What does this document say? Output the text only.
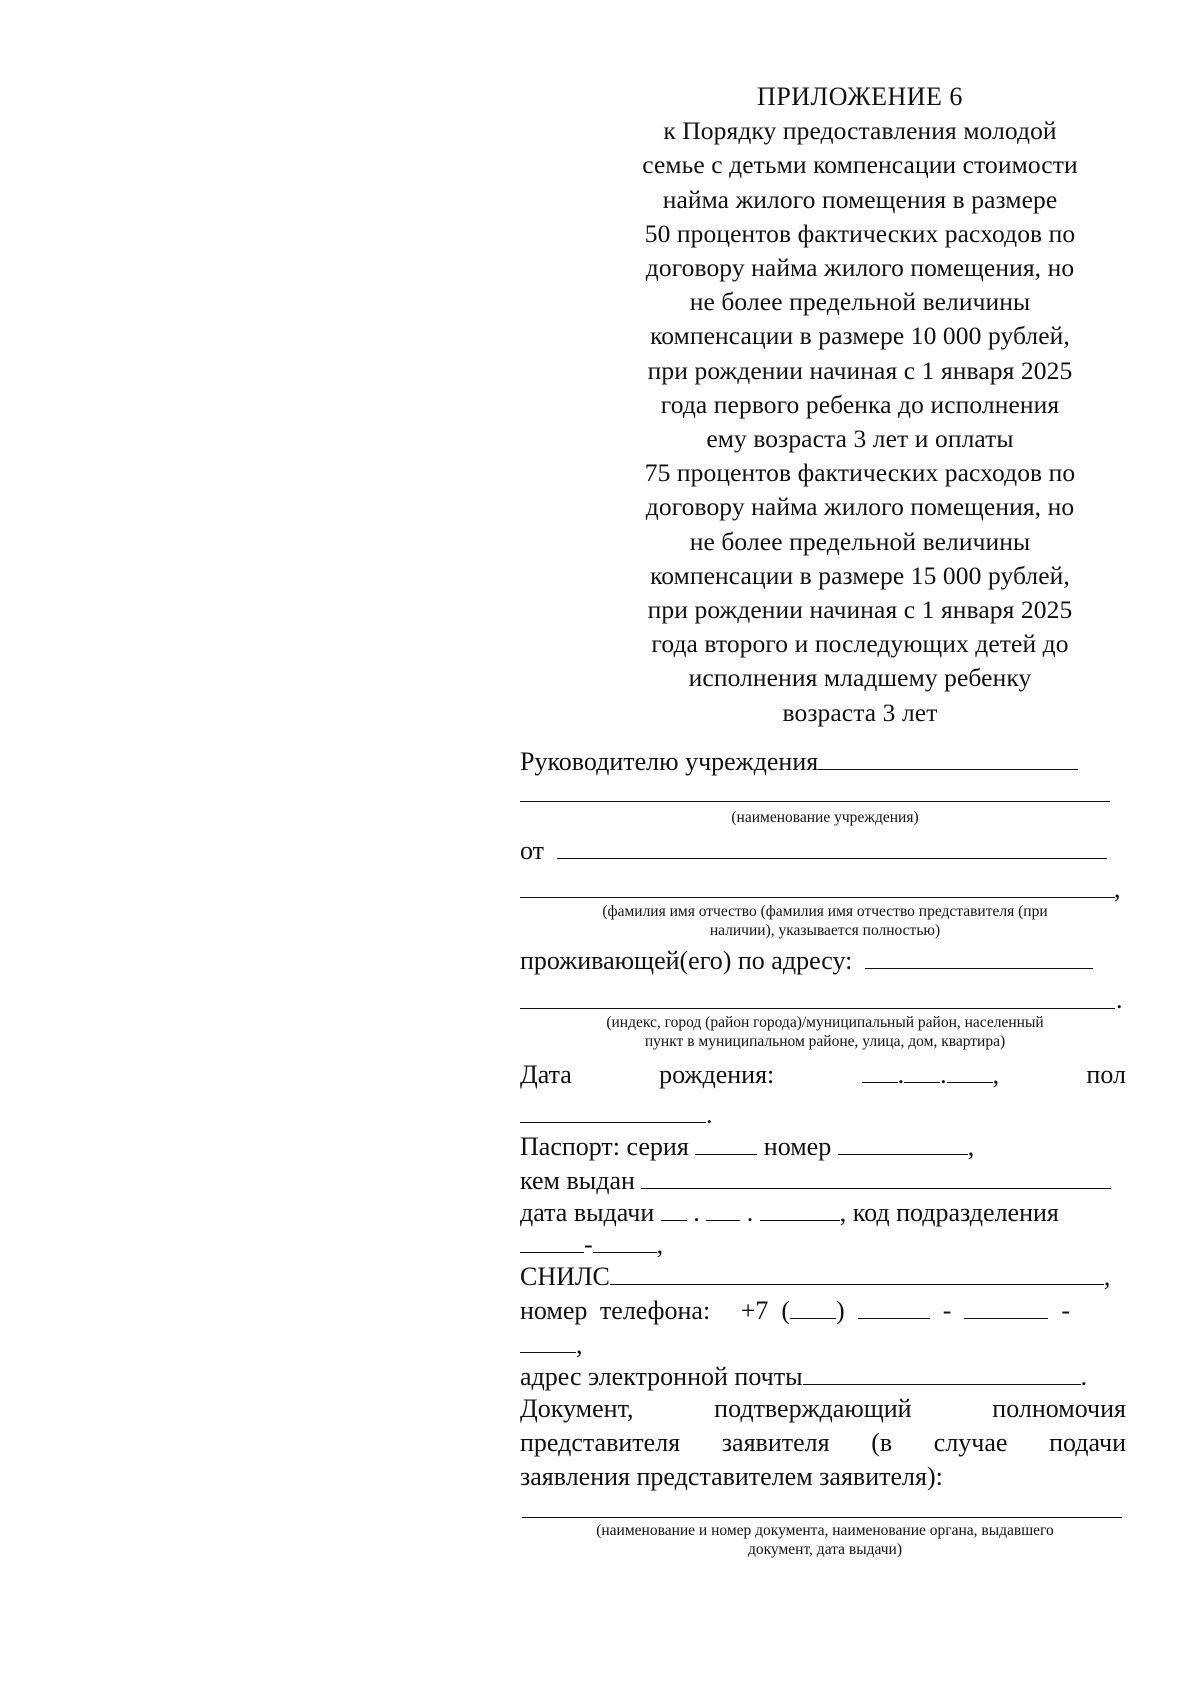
ПРИЛОЖЕНИЕ 6
к Порядку предоставления молодой
семье с детьми компенсации стоимости
найма жилого помещения в размере
50 процентов фактических расходов по
договору найма жилого помещения, но
не более предельной величины
компенсации в размере 10 000 рублей,
при рождении начиная с 1 января 2025
года первого ребенка до исполнения
ему возраста 3 лет и оплаты
75 процентов фактических расходов по
договору найма жилого помещения, но
не более предельной величины
компенсации в размере 15 000 рублей,
при рождении начиная с 1 января 2025
года второго и последующих детей до
исполнения младшему ребенку
возраста 3 лет
Руководителю учреждения
(наименование учреждения)
от
,
(фамилия имя отчество (фамилия имя отчество представителя (при
наличии), указывается полностью)
проживающей(его) по адресу:
.
(индекс, город (район города)/муниципальный район, населенный
пункт в муниципальном районе, улица, дом, квартира)
Дата	рождения:	. . ,	пол
.
Паспорт: серия	номер	,
кем выдан
дата выдачи  .  .	, код подразделения
- ,
СНИЛС	,
номер телефона: +7  ( )	-	-
,
адрес электронной почты	.
Документ,	подтверждающий	полномочия
представителя заявителя (в случае подачи
заявления представителем заявителя):
(наименование и номер документа, наименование органа, выдавшего
документ, дата выдачи)
